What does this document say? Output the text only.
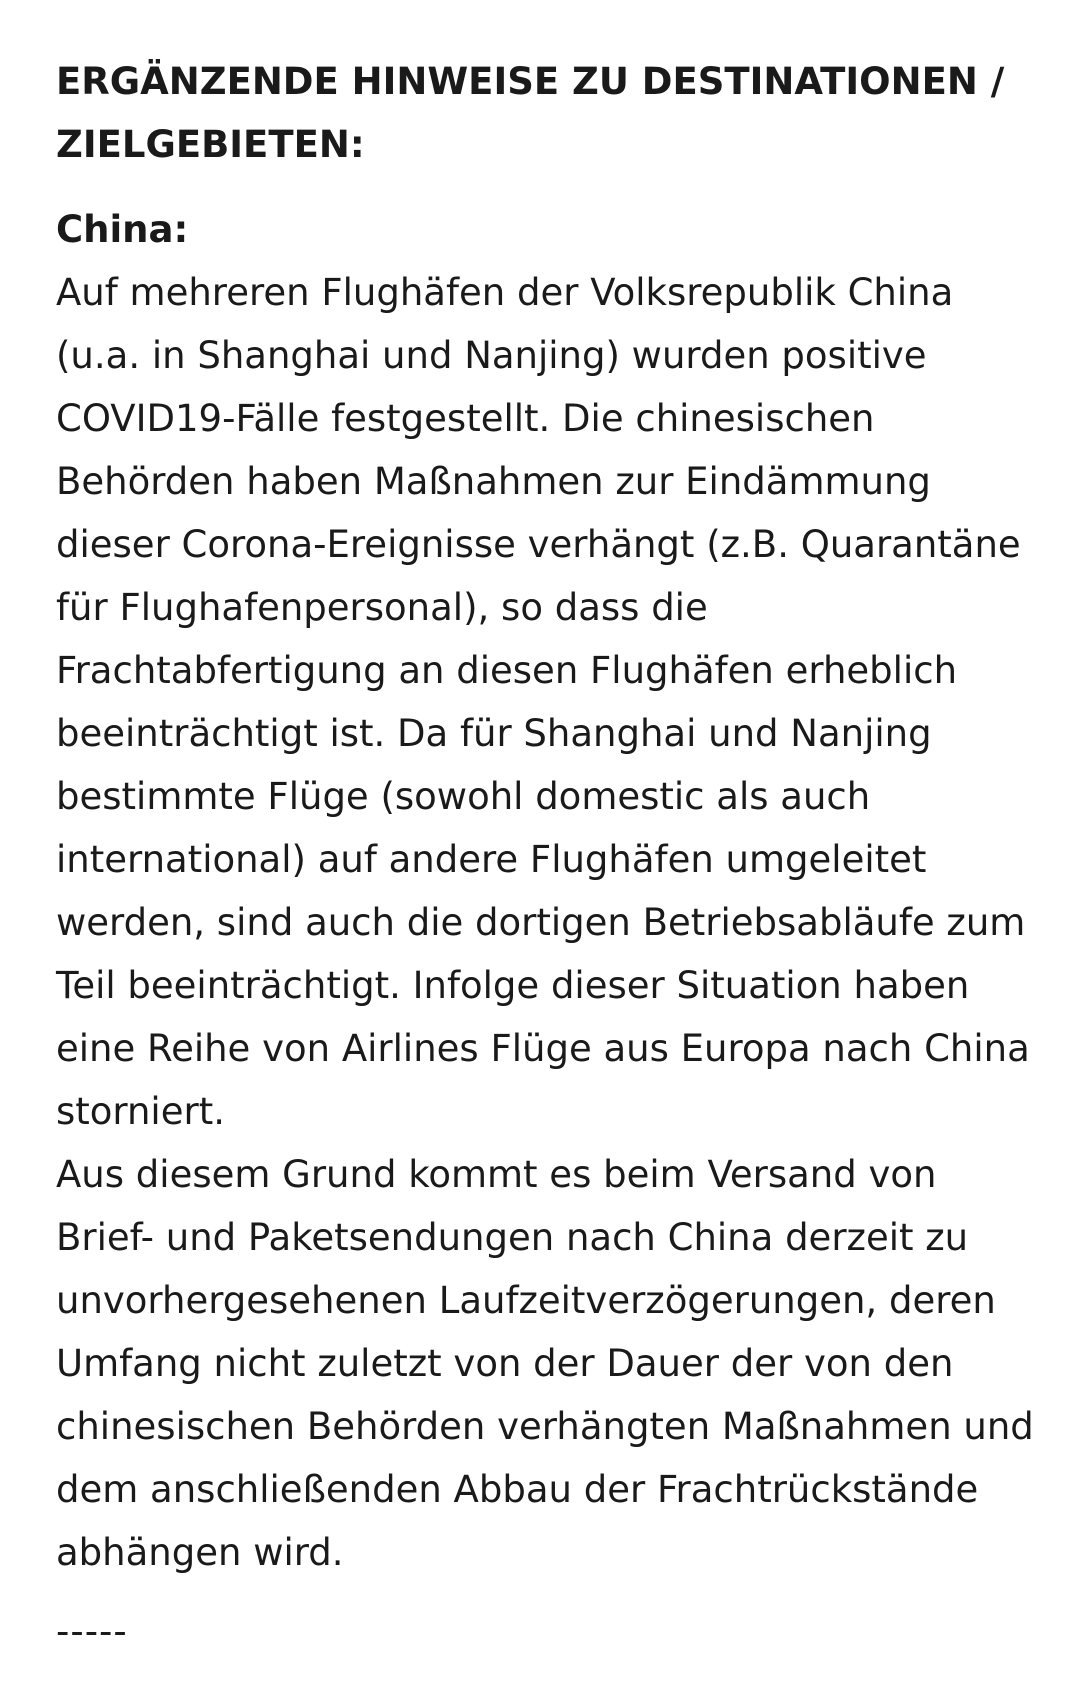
ERGÄNZENDE HINWEISE ZU DESTINATIONEN / ZIELGEBIETEN:

China:

Auf mehreren Flughäfen der Volksrepublik China (u.a. in Shanghai und Nanjing) wurden positive COVID19-Fälle festgestellt. Die chinesischen Behörden haben Maßnahmen zur Eindämmung dieser Corona-Ereignisse verhängt (z.B. Quarantäne für Flughafenpersonal), so dass die Frachtabfertigung an diesen Flughäfen erheblich beeinträchtigt ist. Da für Shanghai und Nanjing bestimmte Flüge (sowohl domestic als auch international) auf andere Flughäfen umgeleitet werden, sind auch die dortigen Betriebsabläufe zum Teil beeinträchtigt. Infolge dieser Situation haben eine Reihe von Airlines Flüge aus Europa nach China storniert.

Aus diesem Grund kommt es beim Versand von Brief- und Paketsendungen nach China derzeit zu unvorhergesehenen Laufzeitverzögerungen, deren Umfang nicht zuletzt von der Dauer der von den chinesischen Behörden verhängten Maßnahmen und dem anschließenden Abbau der Frachtrückstände abhängen wird.

-----
